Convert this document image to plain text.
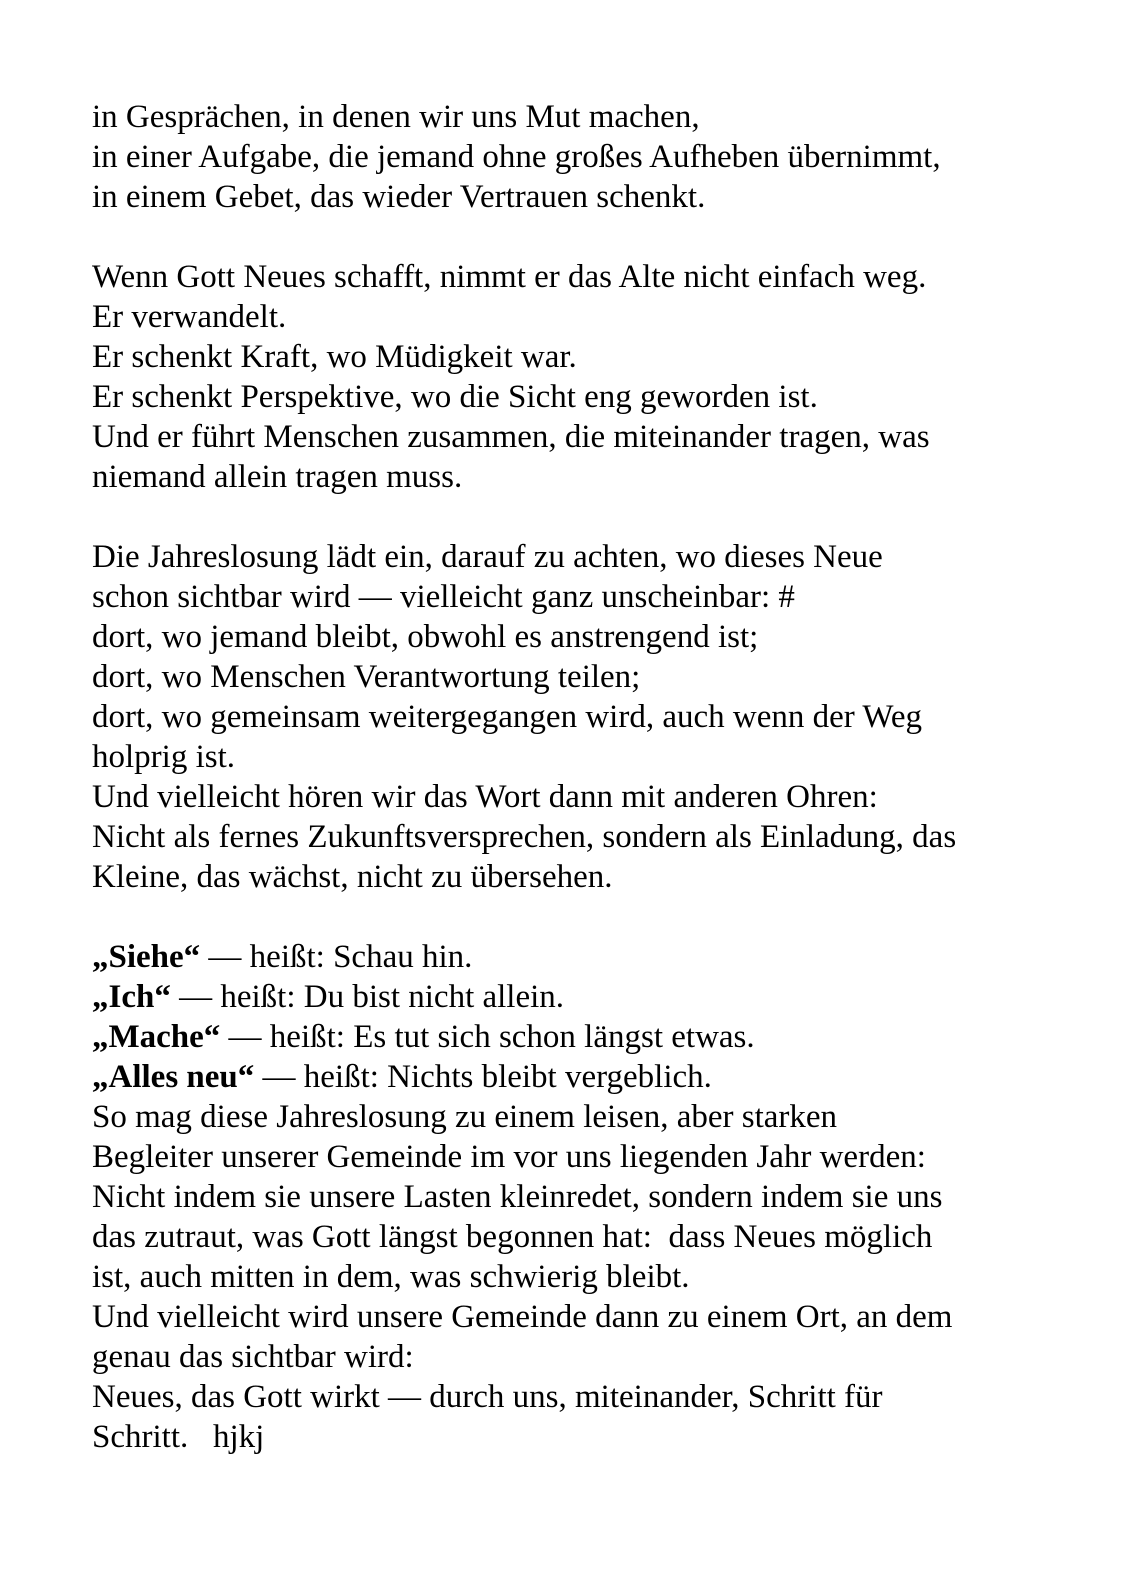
in Gesprächen, in denen wir uns Mut machen,
in einer Aufgabe, die jemand ohne großes Aufheben übernimmt,
in einem Gebet, das wieder Vertrauen schenkt.
Wenn Gott Neues schafft, nimmt er das Alte nicht einfach weg.
Er verwandelt.
Er schenkt Kraft, wo Müdigkeit war.
Er schenkt Perspektive, wo die Sicht eng geworden ist.
Und er führt Menschen zusammen, die miteinander tragen, was
niemand allein tragen muss.
Die Jahreslosung lädt ein, darauf zu achten, wo dieses Neue
schon sichtbar wird — vielleicht ganz unscheinbar: #
dort, wo jemand bleibt, obwohl es anstrengend ist;
dort, wo Menschen Verantwortung teilen;
dort, wo gemeinsam weitergegangen wird, auch wenn der Weg
holprig ist.
Und vielleicht hören wir das Wort dann mit anderen Ohren:
Nicht als fernes Zukunftsversprechen, sondern als Einladung, das
Kleine, das wächst, nicht zu übersehen.
„Siehe“ — heißt: Schau hin.
„Ich“ — heißt: Du bist nicht allein.
„Mache“ — heißt: Es tut sich schon längst etwas.
„Alles neu“ — heißt: Nichts bleibt vergeblich.
So mag diese Jahreslosung zu einem leisen, aber starken
Begleiter unserer Gemeinde im vor uns liegenden Jahr werden:
Nicht indem sie unsere Lasten kleinredet, sondern indem sie uns
das zutraut, was Gott längst begonnen hat:  dass Neues möglich
ist, auch mitten in dem, was schwierig bleibt.
Und vielleicht wird unsere Gemeinde dann zu einem Ort, an dem
genau das sichtbar wird:
Neues, das Gott wirkt — durch uns, miteinander, Schritt für
Schritt.   hjkj
